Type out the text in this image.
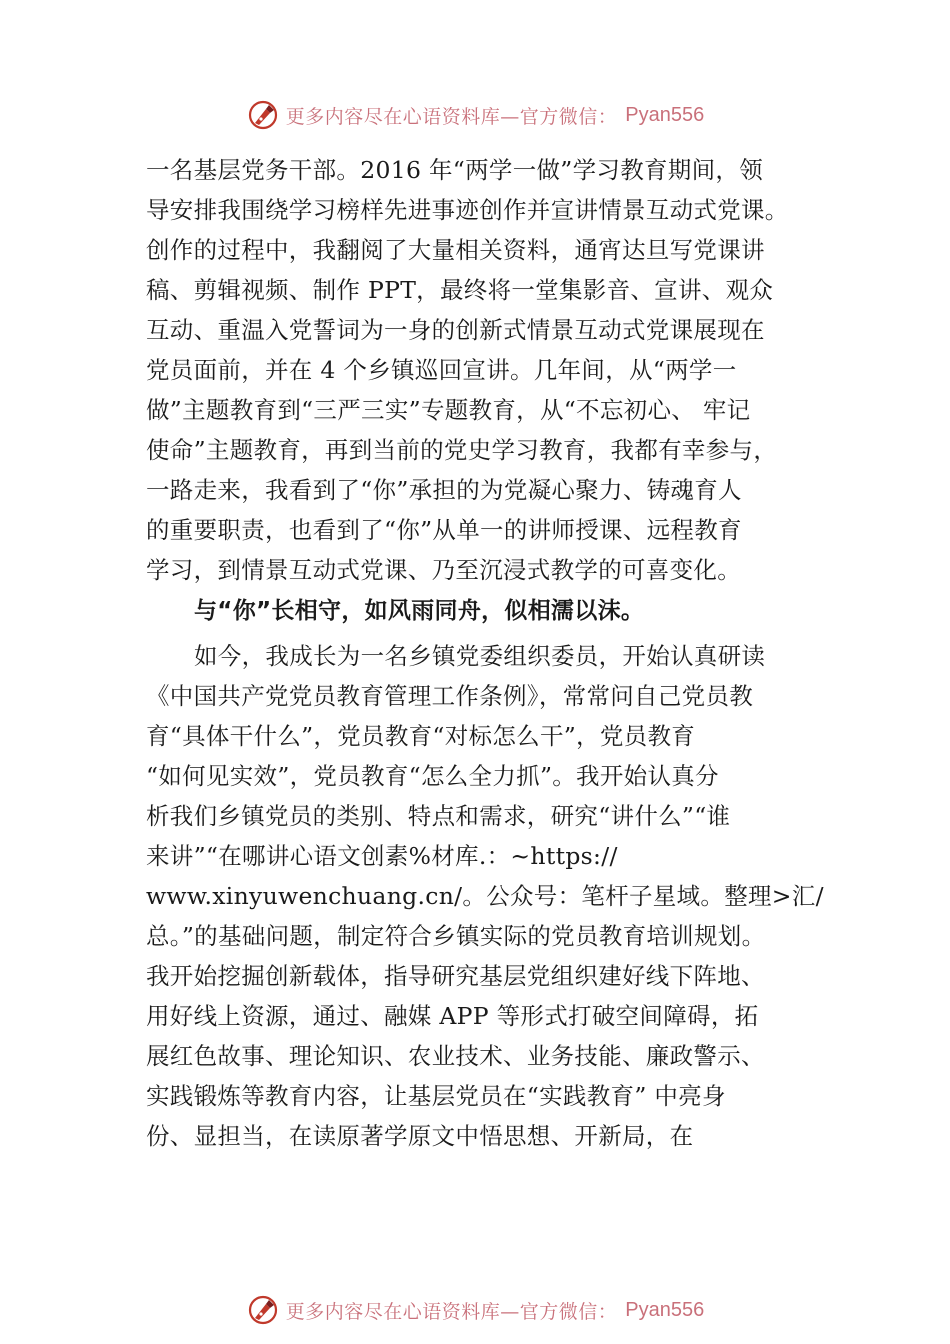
更多内容尽在心语资料库—官方微信： Pyan556
一名基层党务干部。2016 年“两学一做”学习教育期间，领
导安排我围绕学习榜样先进事迹创作并宣讲情景互动式党课。
创作的过程中，我翻阅了大量相关资料，通宵达旦写党课讲
稿、剪辑视频、制作 PPT，最终将一堂集影音、宣讲、观众
互动、重温入党誓词为一身的创新式情景互动式党课展现在
党员面前，并在 4 个乡镇巡回宣讲。几年间，从“两学一
做”主题教育到“三严三实”专题教育，从“不忘初心、 牢记
使命”主题教育，再到当前的党史学习教育，我都有幸参与，
一路走来，我看到了“你”承担的为党凝心聚力、铸魂育人
的重要职责，也看到了“你”从单一的讲师授课、远程教育
学习，到情景互动式党课、乃至沉浸式教学的可喜变化。
与“你”长相守，如风雨同舟，似相濡以沫。
如今，我成长为一名乡镇党委组织委员，开始认真研读
《中国共产党党员教育管理工作条例》，常常问自己党员教
育“具体干什么”，党员教育“对标怎么干”，党员教育
“如何见实效”，党员教育“怎么全力抓”。我开始认真分
析我们乡镇党员的类别、特点和需求，研究“讲什么”“谁
来讲”“在哪讲心语文创素%材库.：~https://
www.xinyuwenchuang.cn/。公众号：笔杆子星域。整理>汇/
总。”的基础问题，制定符合乡镇实际的党员教育培训规划。
我开始挖掘创新载体，指导研究基层党组织建好线下阵地、
用好线上资源，通过、融媒 APP 等形式打破空间障碍，拓
展红色故事、理论知识、农业技术、业务技能、廉政警示、
实践锻炼等教育内容，让基层党员在“实践教育” 中亮身
份、显担当，在读原著学原文中悟思想、开新局，在
更多内容尽在心语资料库—官方微信： Pyan556
